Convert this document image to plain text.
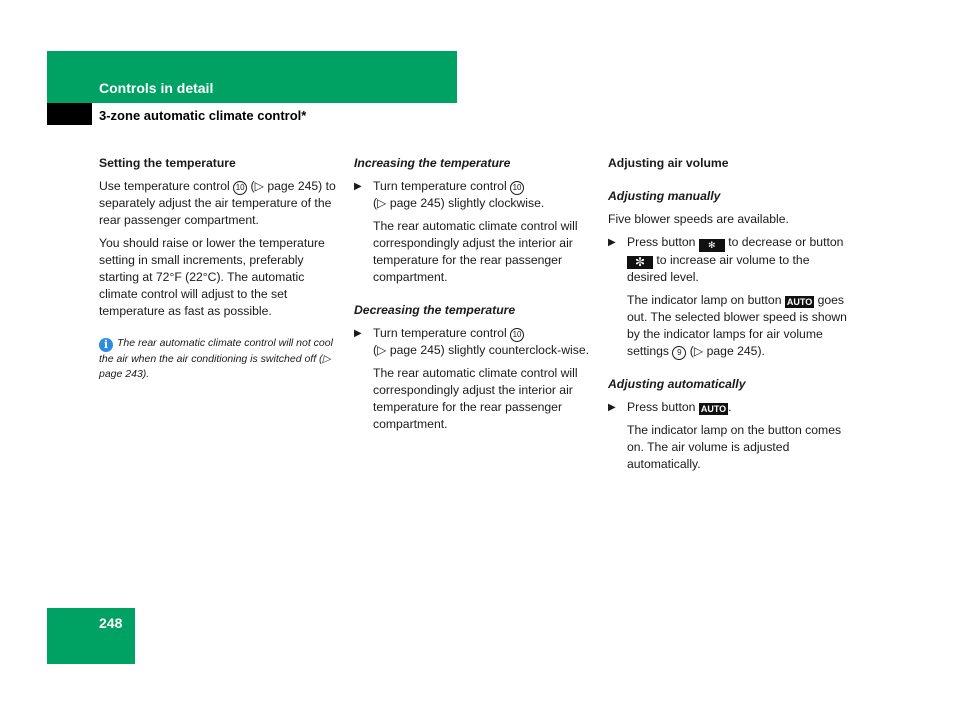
Controls in detail
3-zone automatic climate control*
Setting the temperature

Use temperature control 10 (▷ page 245) to separately adjust the air temperature of the rear passenger compartment.

You should raise or lower the temperature setting in small increments, preferably starting at 72°F (22°C). The automatic climate control will adjust to the set temperature as fast as possible.

i The rear automatic climate control will not cool the air when the air conditioning is switched off (▷ page 243).
Increasing the temperature
▶ Turn temperature control 10
(▷ page 245) slightly clockwise.

The rear automatic climate control will correspondingly adjust the interior air temperature for the rear passenger compartment.

Decreasing the temperature
▶ Turn temperature control 10
(▷ page 245) slightly counterclock-wise.

The rear automatic climate control will correspondingly adjust the interior air temperature for the rear passenger compartment.

Adjusting air volume
Adjusting manually

Five blower speeds are available.

▶ Press button ✻ to decrease or button ✼ to increase air volume to the desired level.

The indicator lamp on button AUTO goes out. The selected blower speed is shown by the indicator lamps for air volume settings 9 (▷ page 245).

Adjusting automatically
▶ Press button AUTO .

The indicator lamp on the button comes on. The air volume is adjusted automatically.

248
